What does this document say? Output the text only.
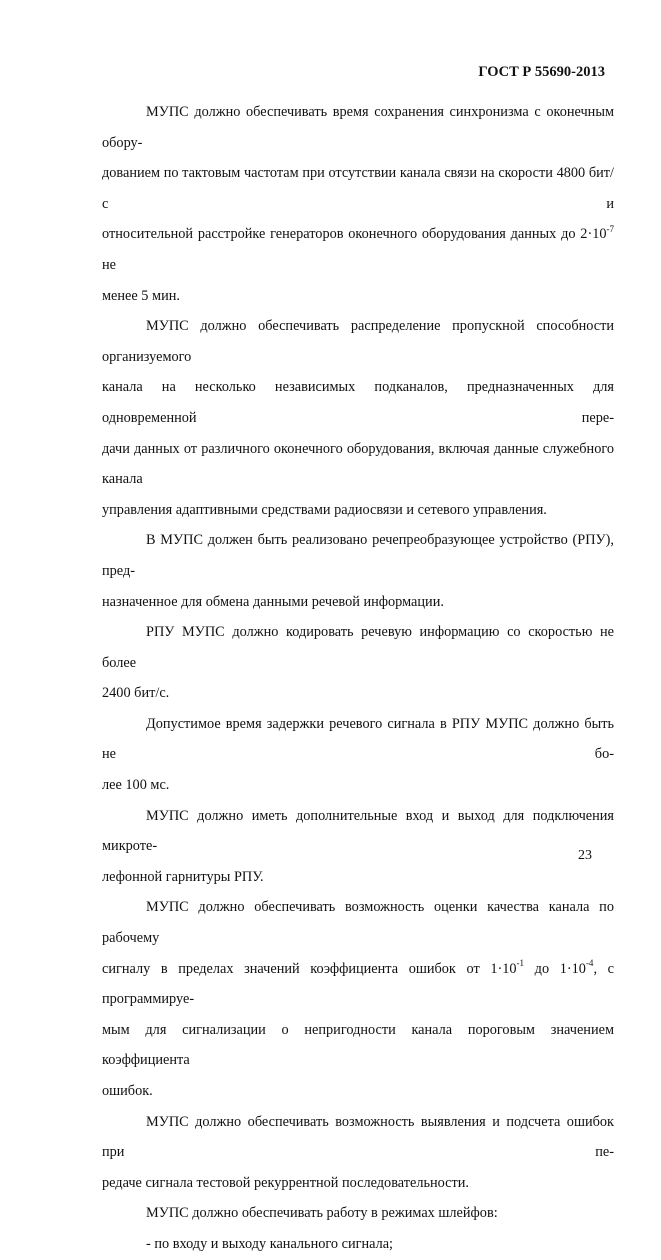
ГОСТ Р 55690-2013
МУПС должно обеспечивать время сохранения синхронизма с оконечным обору-
дованием по тактовым частотам при отсутствии канала связи на скорости 4800 бит/с и
относительной расстройке генераторов оконечного оборудования данных до $2\cdot 10^{-7}$ не
менее 5 мин.
МУПС должно обеспечивать распределение пропускной способности организуемого
канала на несколько независимых подканалов, предназначенных для одновременной пере-
дачи данных от различного оконечного оборудования, включая данные служебного канала
управления адаптивными средствами радиосвязи и сетевого управления.
В МУПС должен быть реализовано речепреобразующее устройство (РПУ), пред-
назначенное для обмена данными речевой информации.
РПУ МУПС должно кодировать речевую информацию со скоростью не более
2400 бит/с.
Допустимое время задержки речевого сигнала в РПУ МУПС должно быть не бо-
лее 100 мс.
МУПС должно иметь дополнительные вход и выход для подключения микроте-
лефонной гарнитуры РПУ.
МУПС должно обеспечивать возможность оценки качества канала по рабочему
сигналу в пределах значений коэффициента ошибок от $1\cdot 10^{-1}$ до $1\cdot 10^{-4}$, с программируе-
мым для сигнализации о непригодности канала пороговым значением коэффициента
ошибок.
МУПС должно обеспечивать возможность выявления и подсчета ошибок при пе-
редаче сигнала тестовой рекуррентной последовательности.
МУПС должно обеспечивать работу в режимах шлейфов:
- по входу и выходу канального сигнала;
23
